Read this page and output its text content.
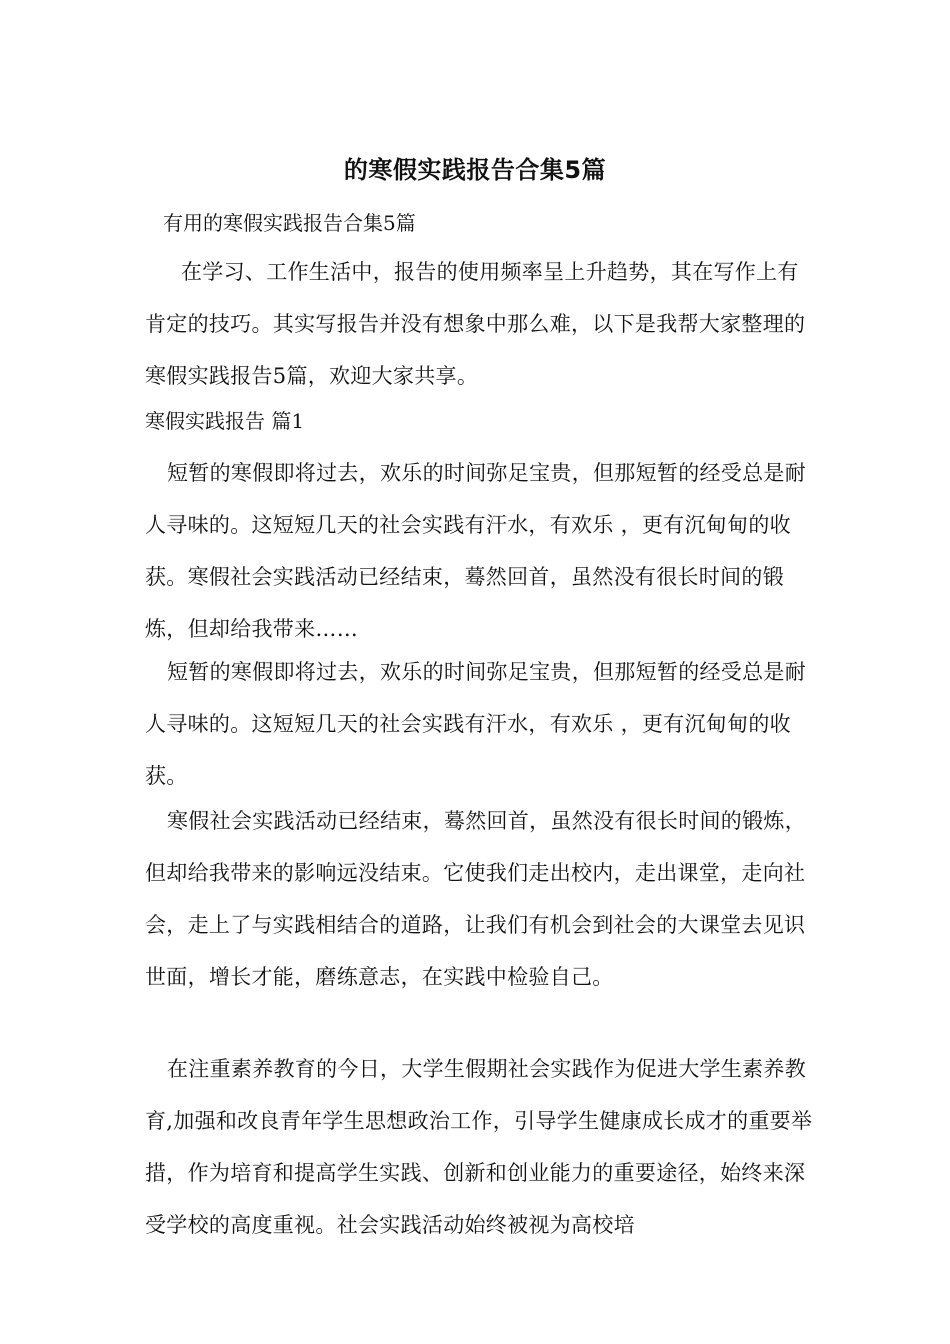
的寒假实践报告合集5篇
有用的寒假实践报告合集5篇
在学习、工作生活中，报告的使用频率呈上升趋势，其在写作上有肯定的技巧。其实写报告并没有想象中那么难，以下是我帮大家整理的寒假实践报告5篇，欢迎大家共享。
寒假实践报告 篇1
短暂的寒假即将过去，欢乐的时间弥足宝贵，但那短暂的经受总是耐人寻味的。这短短几天的社会实践有汗水，有欢乐 ，更有沉甸甸的收获。寒假社会实践活动已经结束，蓦然回首，虽然没有很长时间的锻炼，但却给我带来……
短暂的寒假即将过去，欢乐的时间弥足宝贵，但那短暂的经受总是耐人寻味的。这短短几天的社会实践有汗水，有欢乐 ，更有沉甸甸的收获。
寒假社会实践活动已经结束，蓦然回首，虽然没有很长时间的锻炼，但却给我带来的影响远没结束。它使我们走出校内，走出课堂，走向社会，走上了与实践相结合的道路，让我们有机会到社会的大课堂去见识世面，增长才能，磨练意志，在实践中检验自己。
在注重素养教育的今日，大学生假期社会实践作为促进大学生素养教育,加强和改良青年学生思想政治工作，引导学生健康成长成才的重要举措，作为培育和提高学生实践、创新和创业能力的重要途径，始终来深受学校的高度重视。社会实践活动始终被视为高校培
